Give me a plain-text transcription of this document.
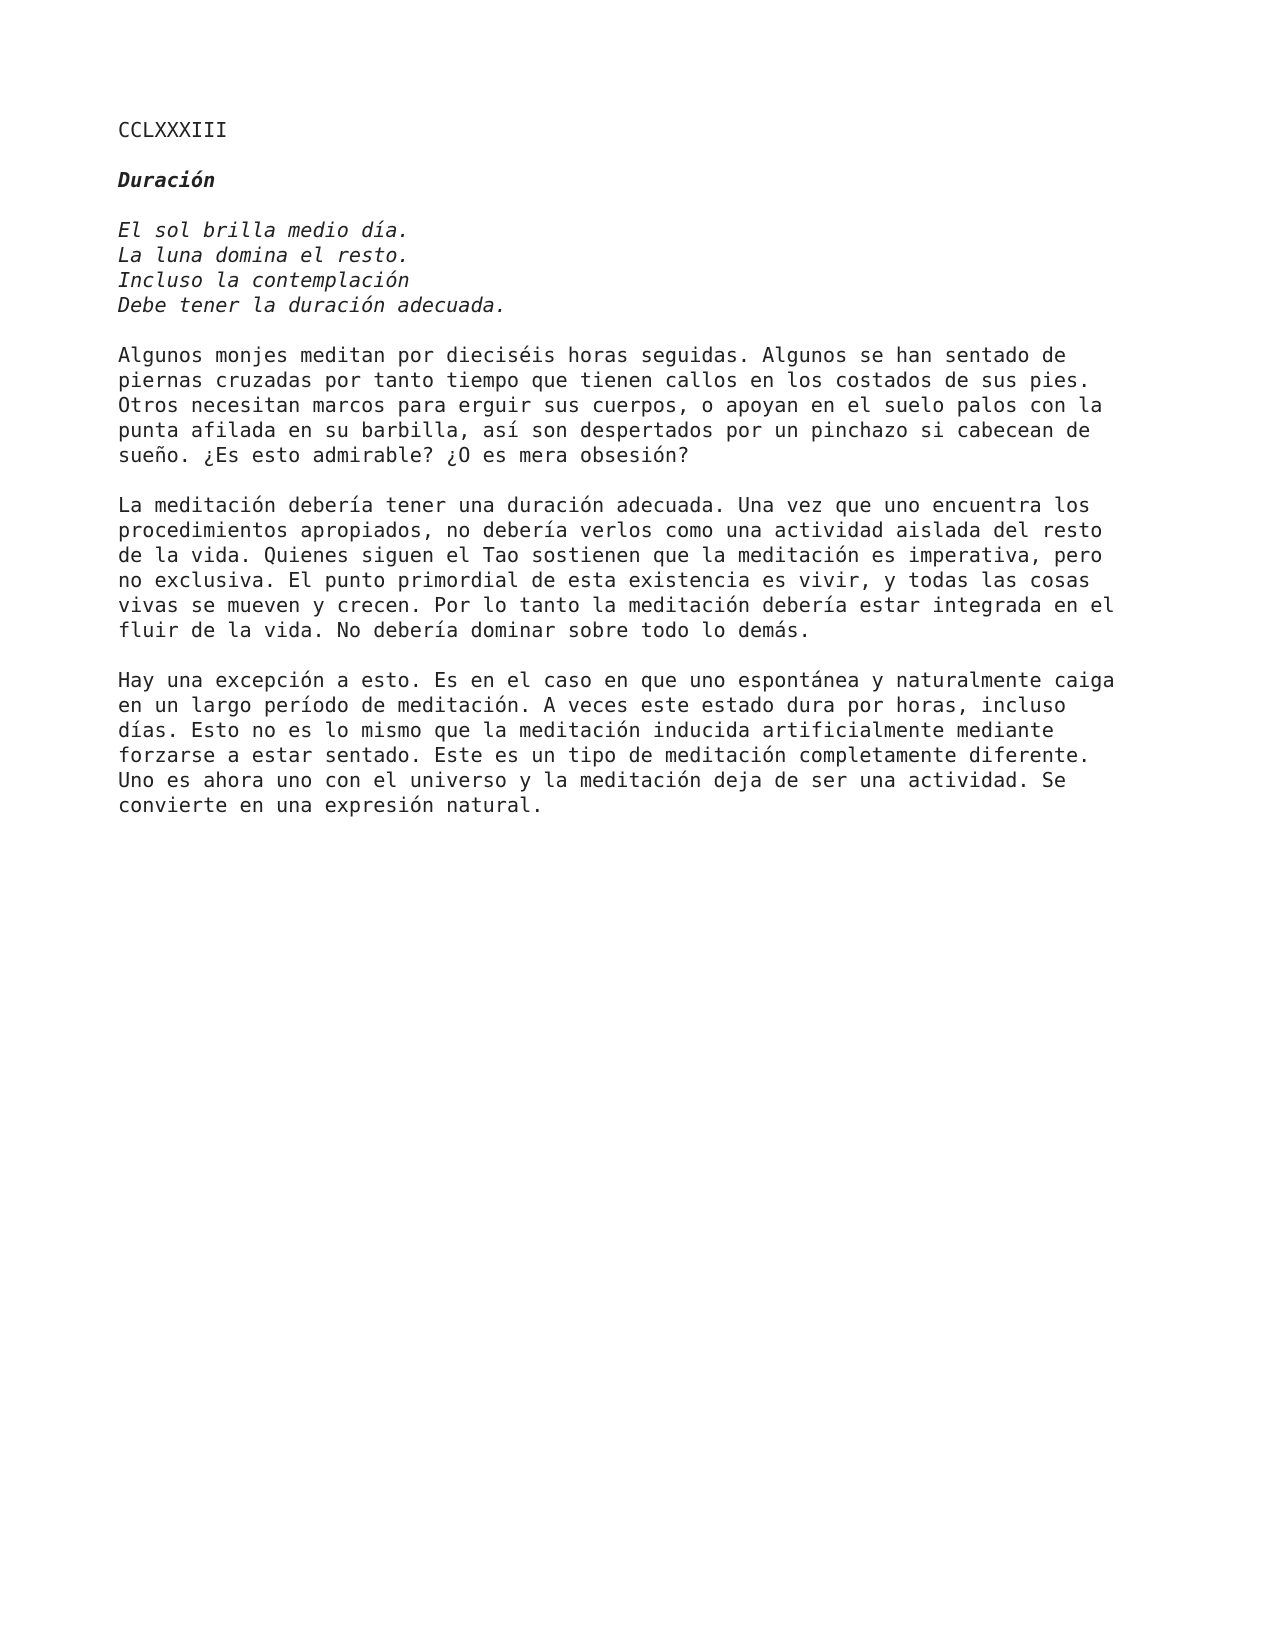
CCLXXXIII
Duración
El sol brilla medio día.
La luna domina el resto.
Incluso la contemplación
Debe tener la duración adecuada.
Algunos monjes meditan por dieciséis horas seguidas. Algunos se han sentado de
piernas cruzadas por tanto tiempo que tienen callos en los costados de sus pies.
Otros necesitan marcos para erguir sus cuerpos, o apoyan en el suelo palos con la
punta afilada en su barbilla, así son despertados por un pinchazo si cabecean de
sueño. ¿Es esto admirable? ¿O es mera obsesión?
La meditación debería tener una duración adecuada. Una vez que uno encuentra los
procedimientos apropiados, no debería verlos como una actividad aislada del resto
de la vida. Quienes siguen el Tao sostienen que la meditación es imperativa, pero
no exclusiva. El punto primordial de esta existencia es vivir, y todas las cosas
vivas se mueven y crecen. Por lo tanto la meditación debería estar integrada en el
fluir de la vida. No debería dominar sobre todo lo demás.
Hay una excepción a esto. Es en el caso en que uno espontánea y naturalmente caiga
en un largo período de meditación. A veces este estado dura por horas, incluso
días. Esto no es lo mismo que la meditación inducida artificialmente mediante
forzarse a estar sentado. Este es un tipo de meditación completamente diferente.
Uno es ahora uno con el universo y la meditación deja de ser una actividad. Se
convierte en una expresión natural.
